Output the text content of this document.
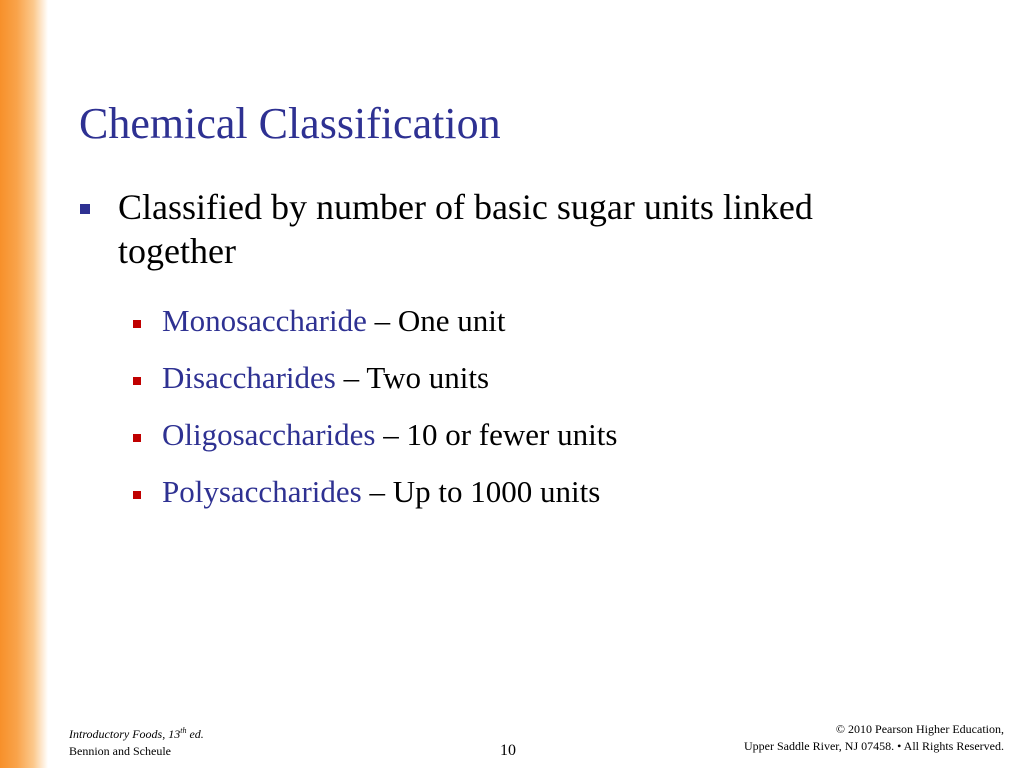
Chemical Classification
Classified by number of basic sugar units linked together
Monosaccharide – One unit
Disaccharides – Two units
Oligosaccharides – 10 or fewer units
Polysaccharides – Up to 1000 units
Introductory Foods, 13th ed.
Bennion and Scheule	10
© 2010 Pearson Higher Education,
Upper Saddle River, NJ 07458. • All Rights Reserved.
